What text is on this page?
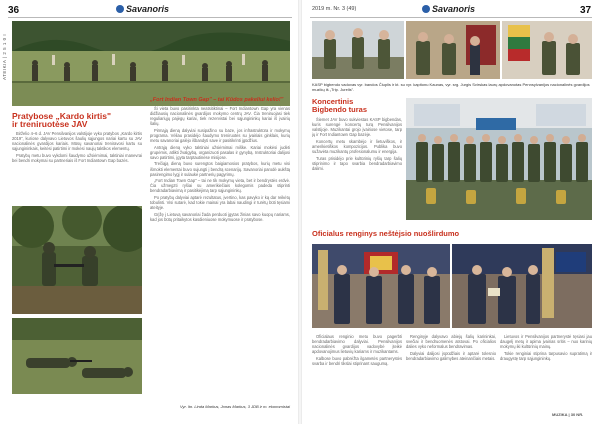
36	Savanoris
ATEIKIA | 2 5 1 0 I
Pratybose „Kardo kirtis"
ir treniruotėse JAV

Birželio 4–6 d. JAV Pensilvanijos valstijoje vyko pratybos „Kardo kirtis 2019", kuriose dalyvavo Lietuvos šaulių sąjungos nariai kartu su JAV nacionalinės gvardijos kariais. Mūsų savanoriai treniravosi kartu su sąjungininkais, keitėsi patirtimi ir mokėsi naujų taktikos elementų.

Pratybų metu buvo vykdomi šaudymo užsiėmimai, taktiniai manevrai bei bendri mokymai su partneriais iš Fort Indiantown Gap bazės.

„Fort Indian Town Gap" – tai Kūdos pakeliui kelio!"

Ši vieta buvo pasirinkta neatsitiktinai – Fort Indiantown Gap yra vienas didžiausių nacionalinės gvardijos mokymo centrų JAV. Čia treniruojasi tiek reguliariųjų pajėgų kariai, tiek rezervistai bei sąjungininkų kariai iš įvairių šalių.

Pirmąją dieną dalyviai susipažino su baze, jos infrastruktūra ir mokymų programa. Vėliau prasidėjo šaudymo treniruotės su įvairiais ginklais, kurių metu savanoriai galėjo išbandyti save ir pasitikrinti įgūdžius.

Antrąją dieną vyko taktiniai užsiėmimai miške. Kariai mokėsi judėti grupėmis, atlikti žvalgybą, organizuoti pasalas ir gynybą. Instruktoriai dalijosi savo patirtimi, įgyta tarptautinėse misijose.

Trečiąją dieną buvo surengtos baigiamosios pratybos, kurių metu visi išmokti elementai buvo sujungti į bendrą scenarijų. Savanoriai parodė aukštą pasirengimo lygį ir sulaukė partnerių pagyrimų.

„Fort Indian Town Gap" – tai ne tik mokymų vieta, bet ir bendrystės erdvė. Čia užmegzti ryšiai su amerikiečiais kolegomis padeda stiprinti bendradarbiavimą ir pasitikėjimą tarp sąjungininkų.

Po pratybų dalyviai aptarė rezultatus, įvertino, kas pavyko ir ką dar reikėtų tobulinti. Visi sutarė, kad tokie mainai yra labai naudingi ir turėtų būti tęsiami ateityje.

Grįžę į Lietuvą savanoriai žada perduoti įgytas žinias savo kuopų nariams, kad jos būtų pritaikytos kasdieniuose mokymuose ir pratybose.

Vyr. ltn. Linda Markus, Jonas Markus, 3 JDB ir m. ekonomistai
2019 m. Nr. 3 (49)	Savanoris	37
KASP bigbendo vadovas vyr. bandos Čiuplis ir kt. su vyr. kapitonu Kaunas, vyr. srg. Jurgis Svirskas laurų apdovanotas Pennsylvanijos nacionalinės gvardijos muzikų iš „Trip. Jurelis".
Koncertinis
Bigbendo turas

Šiemet JAV buvo sukviestas KASP bigbendas, kuris surengė koncertų turą Pensilvanijos valstijoje. Muzikantai grojo įvairiose vietose, tarp jų ir Fort Indiantown Gap bazėje.

Koncertų metu skambėjo ir lietuviškos, ir amerikietiškos kompozicijos. Publika buvo sužavėta muzikantų profesionalumu ir energija.

Turas prisidėjo prie kultūrinių ryšių tarp šalių stiprinimo ir tapo svarbia bendradarbiavimo dalimi.

Oficialus renginys neštėjsio nuošlirdumo

Oficialaus renginio metu buvo pagerbti bendradarbiavimo dalyviai. Pensilvanijos nacionalinės gvardijos vadovybė įteikė apdovanojimus lietuvių kariams ir muzikantams.

Kalbose buvo pabrėžta ilgametės partnerystės svarba ir bendri tikslai stiprinant saugumą.

Renginyje dalyvavo abiejų šalių karininkai, svečiai ir bendruomenės atstovai. Po oficialios dalies vyko neformalus bendravimas.

Dalyviai dalijosi įspūdžiais ir aptarė tolesnio bendradarbiavimo galimybes ateinančiais metais.

Lietuvos ir Pensilvanijos partnerystė tęsiasi jau daugelį metų ir apima įvairias sritis – nuo karinių mokymų iki kultūrinių mainų.

Tokie renginiai stiprina tarpusavio supratimą ir draugystę tarp sąjungininkų.

MUZIKA | 30 NR.
